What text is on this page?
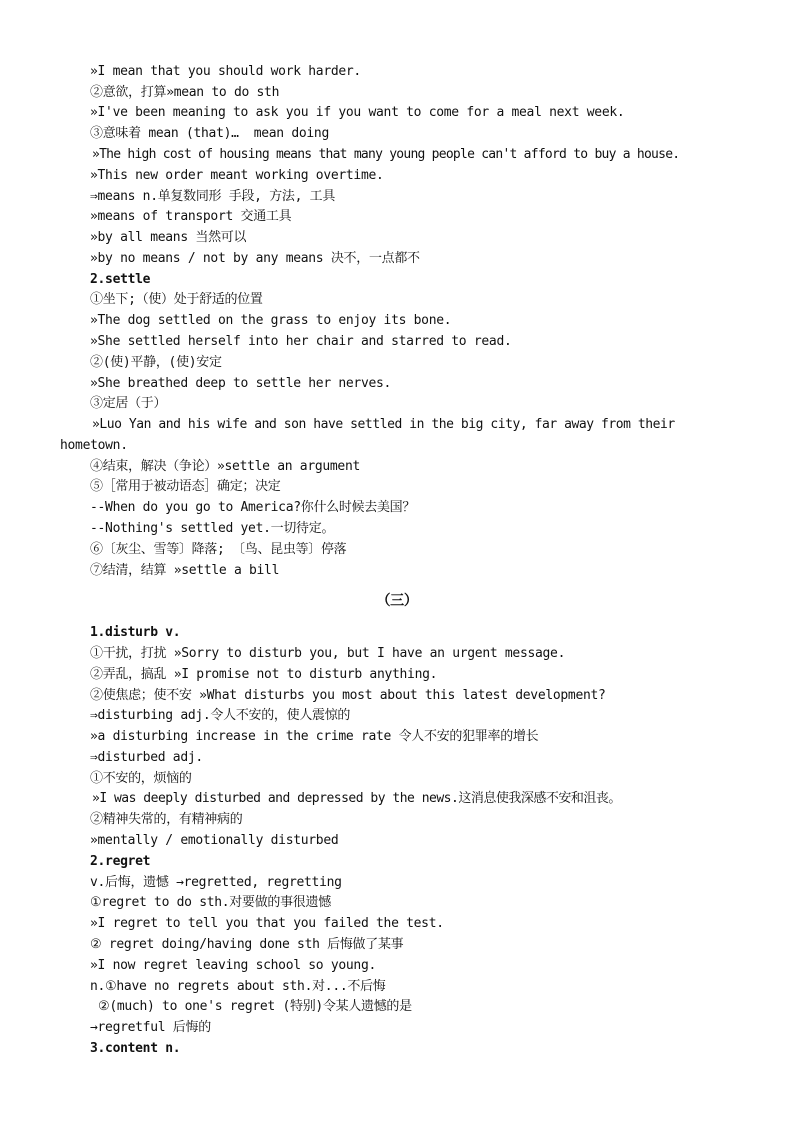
»I mean that you should work harder.
②意欲，打算»mean to do sth
»I've been meaning to ask you if you want to come for a meal next week.
③意味着 mean (that)…  mean doing
»The high cost of housing means that many young people can't afford to buy a house.
»This new order meant working overtime.
⇒means n.单复数同形 手段, 方法, 工具
»means of transport 交通工具
»by all means 当然可以
»by no means / not by any means 决不，一点都不
2.settle
①坐下;（使）处于舒适的位置
»The dog settled on the grass to enjoy its bone.
»She settled herself into her chair and starred to read.
②(使)平静，(使)安定
»She breathed deep to settle her nerves.
③定居（于）
»Luo Yan and his wife and son have settled in the big city, far away from their
hometown.
④结束，解决（争论）»settle an argument
⑤［常用于被动语态］确定；决定
--When do you go to America?你什么时候去美国？
--Nothing's settled yet.一切待定。
⑥〔灰尘、雪等〕降落; 〔鸟、昆虫等〕停落
⑦结清，结算 »settle a bill
（三）
1.disturb v.
①干扰，打扰 »Sorry to disturb you, but I have an urgent message.
②弄乱，搞乱 »I promise not to disturb anything.
②使焦虑；使不安 »What disturbs you most about this latest development?
⇒disturbing adj.令人不安的，使人震惊的
»a disturbing increase in the crime rate 令人不安的犯罪率的增长
⇒disturbed adj.
①不安的，烦恼的
»I was deeply disturbed and depressed by the news.这消息使我深感不安和沮丧。
②精神失常的，有精神病的
»mentally / emotionally disturbed
2.regret
v.后悔，遗憾 →regretted, regretting
①regret to do sth.对要做的事很遗憾
»I regret to tell you that you failed the test.
② regret doing/having done sth 后悔做了某事
»I now regret leaving school so young.
n.①have no regrets about sth.对...不后悔
②(much) to one's regret (特别)令某人遗憾的是
→regretful 后悔的
3.content n.
